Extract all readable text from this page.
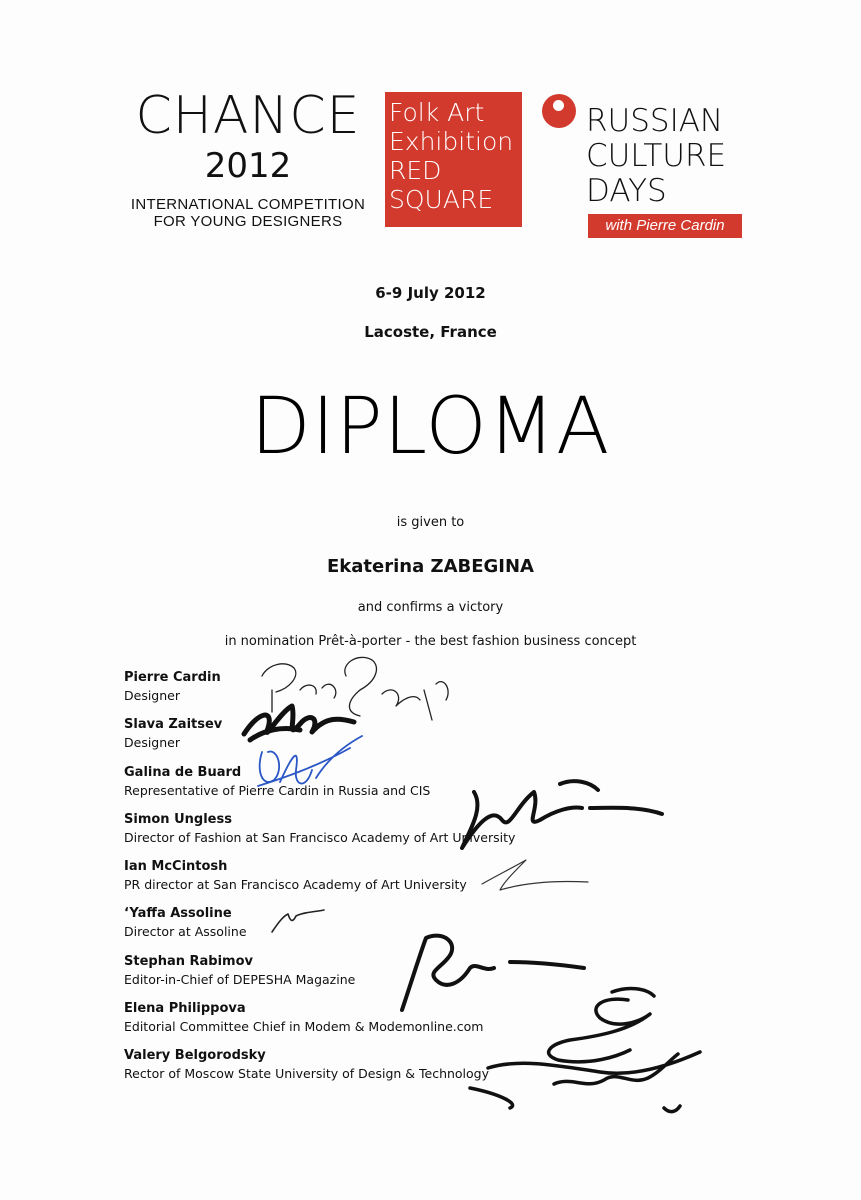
CHANCE
2012
INTERNATIONAL COMPETITION
FOR YOUNG DESIGNERS
Folk Art
Exhibition
RED
SQUARE
RUSSIAN
CULTURE
DAYS
with Pierre Cardin
6-9 July 2012
Lacoste, France
DIPLOMA
is given to
Ekaterina ZABEGINA
and confirms a victory
in nomination Prêt-à-porter - the best fashion business concept
Pierre Cardin
Designer
Slava Zaitsev
Designer
Galina de Buard
Representative of Pierre Cardin in Russia and CIS
Simon Ungless
Director of Fashion at San Francisco Academy of Art University
Ian McCintosh
PR director at San Francisco Academy of Art University
‘Yaffa Assoline
Director at Assoline
Stephan Rabimov
Editor-in-Chief of DEPESHA Magazine
Elena Philippova
Editorial Committee Chief in Modem & Modemonline.com
Valery Belgorodsky
Rector of Moscow State University of Design & Technology
